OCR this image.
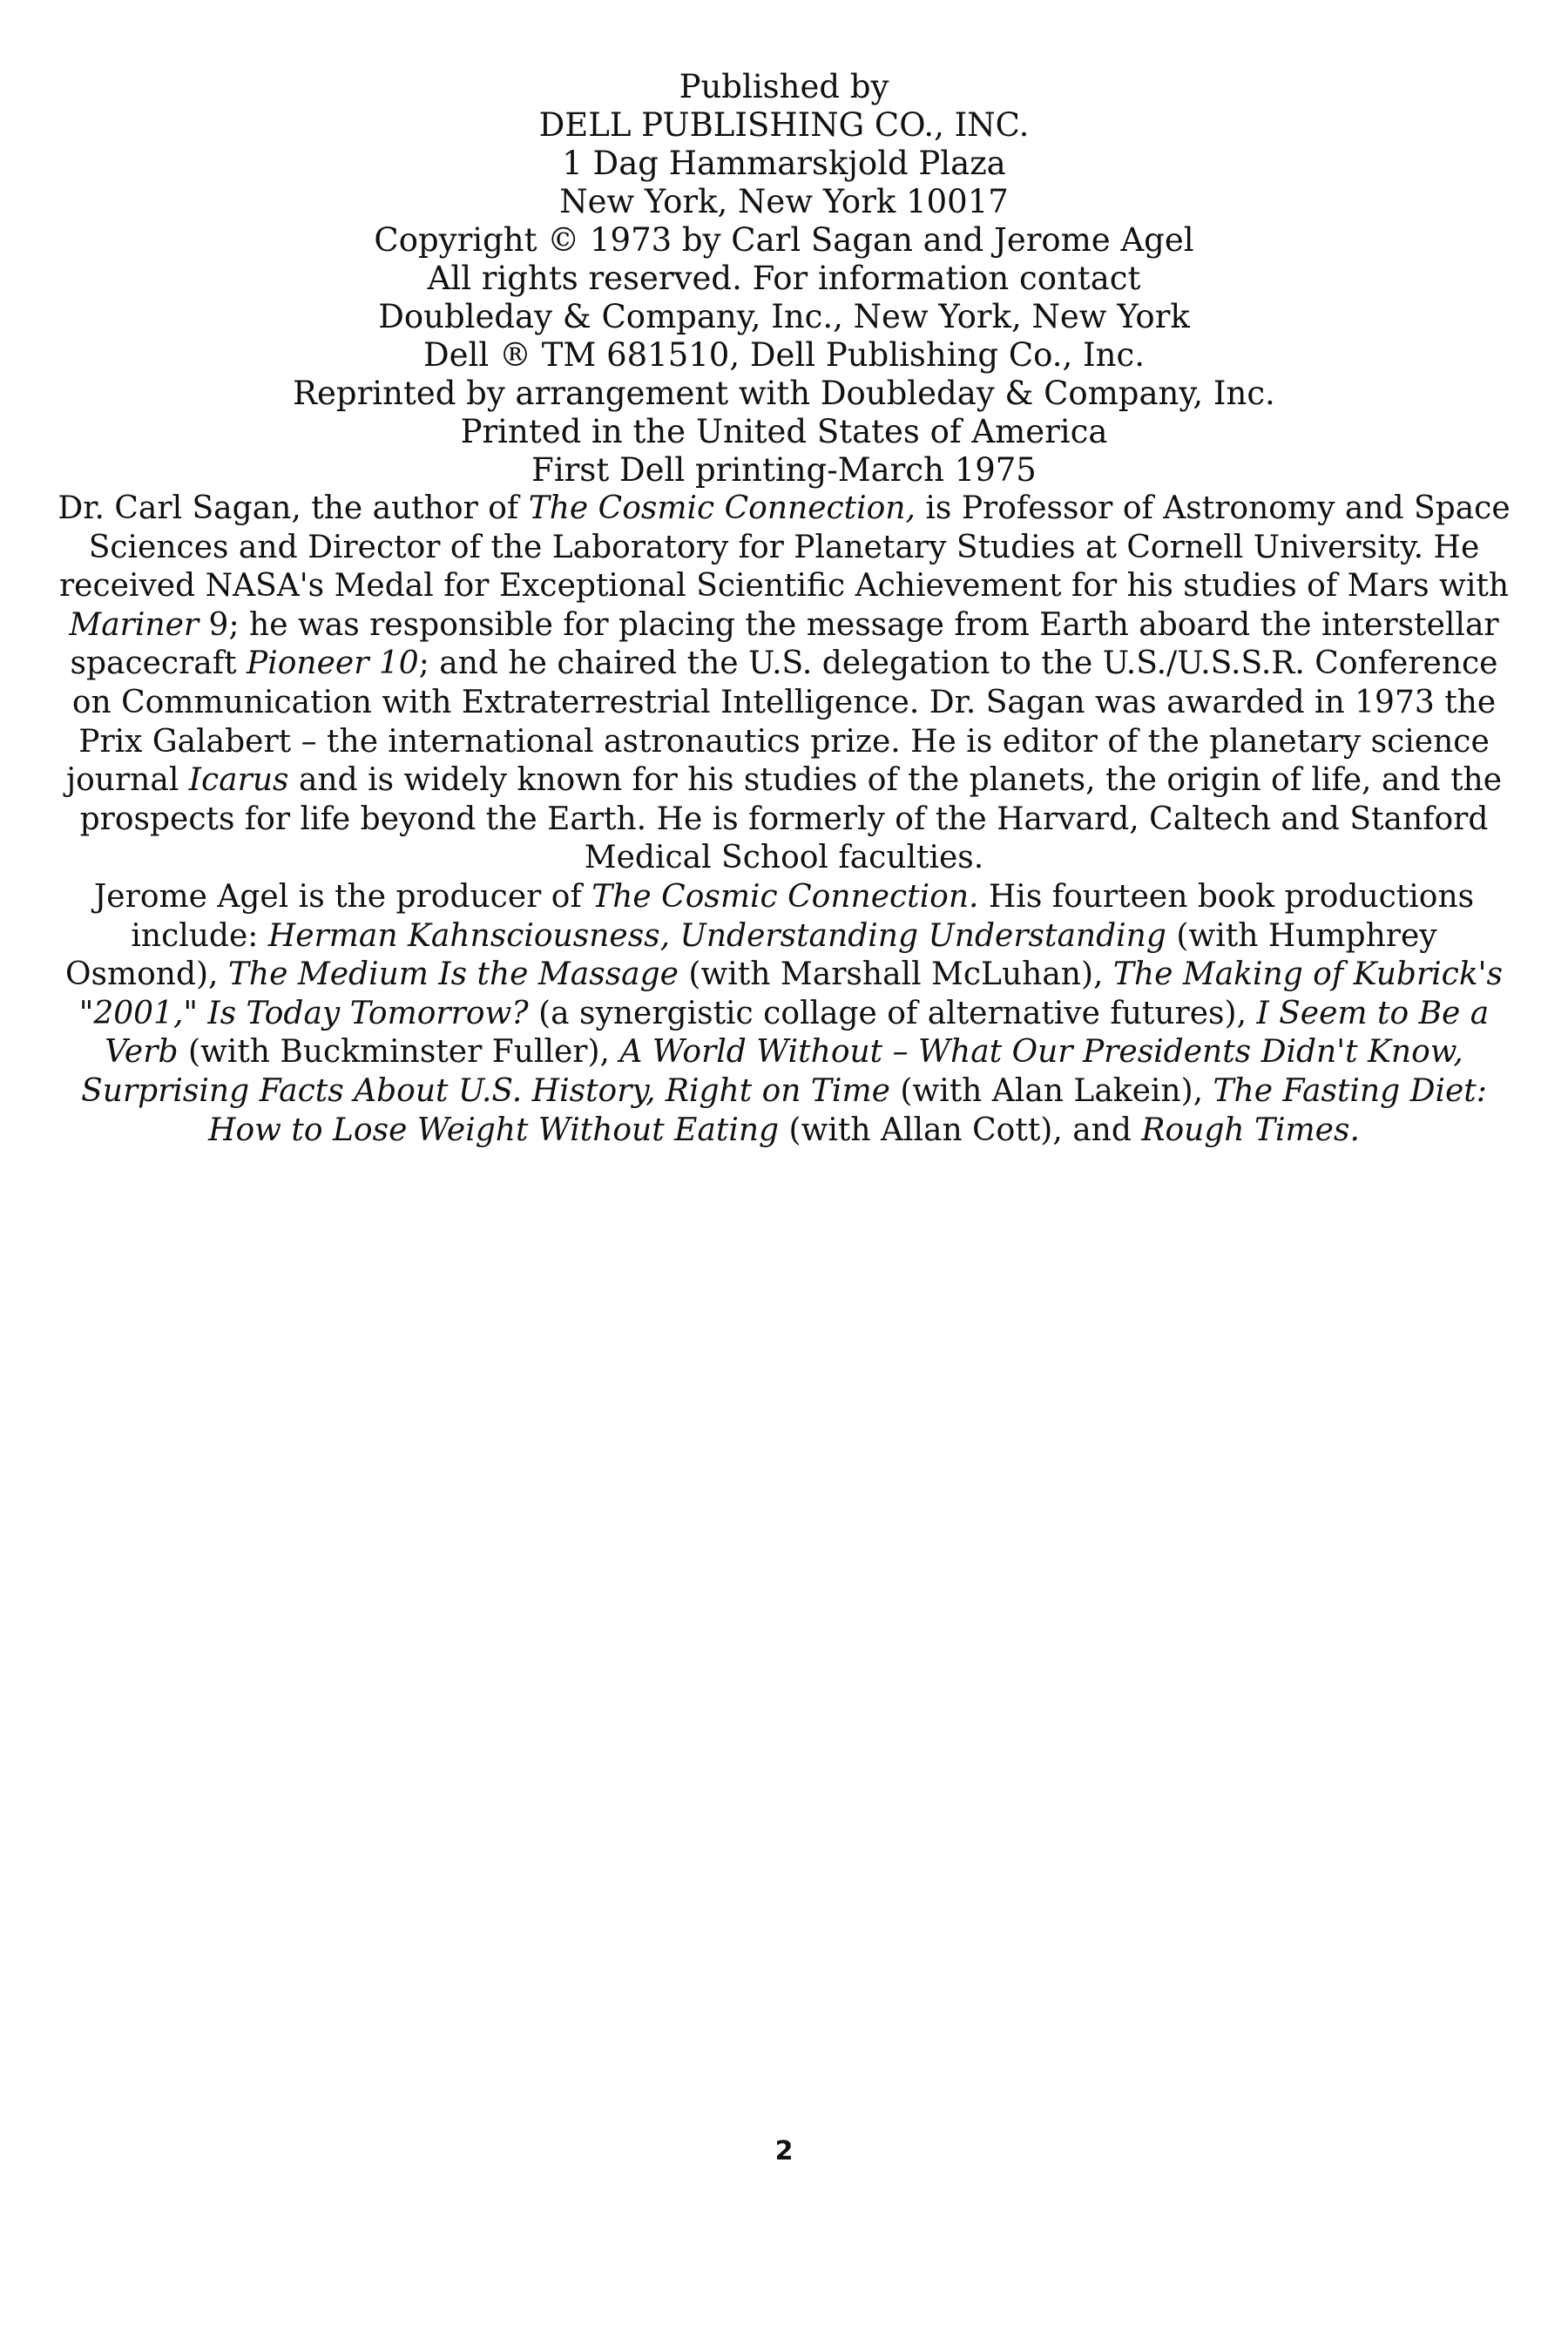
Published by
DELL PUBLISHING CO., INC.
1 Dag Hammarskjold Plaza
New York, New York 10017
Copyright © 1973 by Carl Sagan and Jerome Agel
All rights reserved. For information contact
Doubleday & Company, Inc., New York, New York
Dell ® TM 681510, Dell Publishing Co., Inc.
Reprinted by arrangement with Doubleday & Company, Inc.
Printed in the United States of America
First Dell printing-March 1975

Dr. Carl Sagan, the author of The Cosmic Connection, is Professor of Astronomy and Space Sciences and Director of the Laboratory for Planetary Studies at Cornell University. He received NASA's Medal for Exceptional Scientific Achievement for his studies of Mars with Mariner 9; he was responsible for placing the message from Earth aboard the interstellar spacecraft Pioneer 10; and he chaired the U.S. delegation to the U.S./U.S.S.R. Conference on Communication with Extraterrestrial Intelligence. Dr. Sagan was awarded in 1973 the Prix Galabert – the international astronautics prize. He is editor of the planetary science journal Icarus and is widely known for his studies of the planets, the origin of life, and the prospects for life beyond the Earth. He is formerly of the Harvard, Caltech and Stanford Medical School faculties.

Jerome Agel is the producer of The Cosmic Connection. His fourteen book productions include: Herman Kahnsciousness, Understanding Understanding (with Humphrey Osmond), The Medium Is the Massage (with Marshall McLuhan), The Making of Kubrick's "2001," Is Today Tomorrow? (a synergistic collage of alternative futures), I Seem to Be a Verb (with Buckminster Fuller), A World Without – What Our Presidents Didn't Know, Surprising Facts About U.S. History, Right on Time (with Alan Lakein), The Fasting Diet: How to Lose Weight Without Eating (with Allan Cott), and Rough Times.

2
